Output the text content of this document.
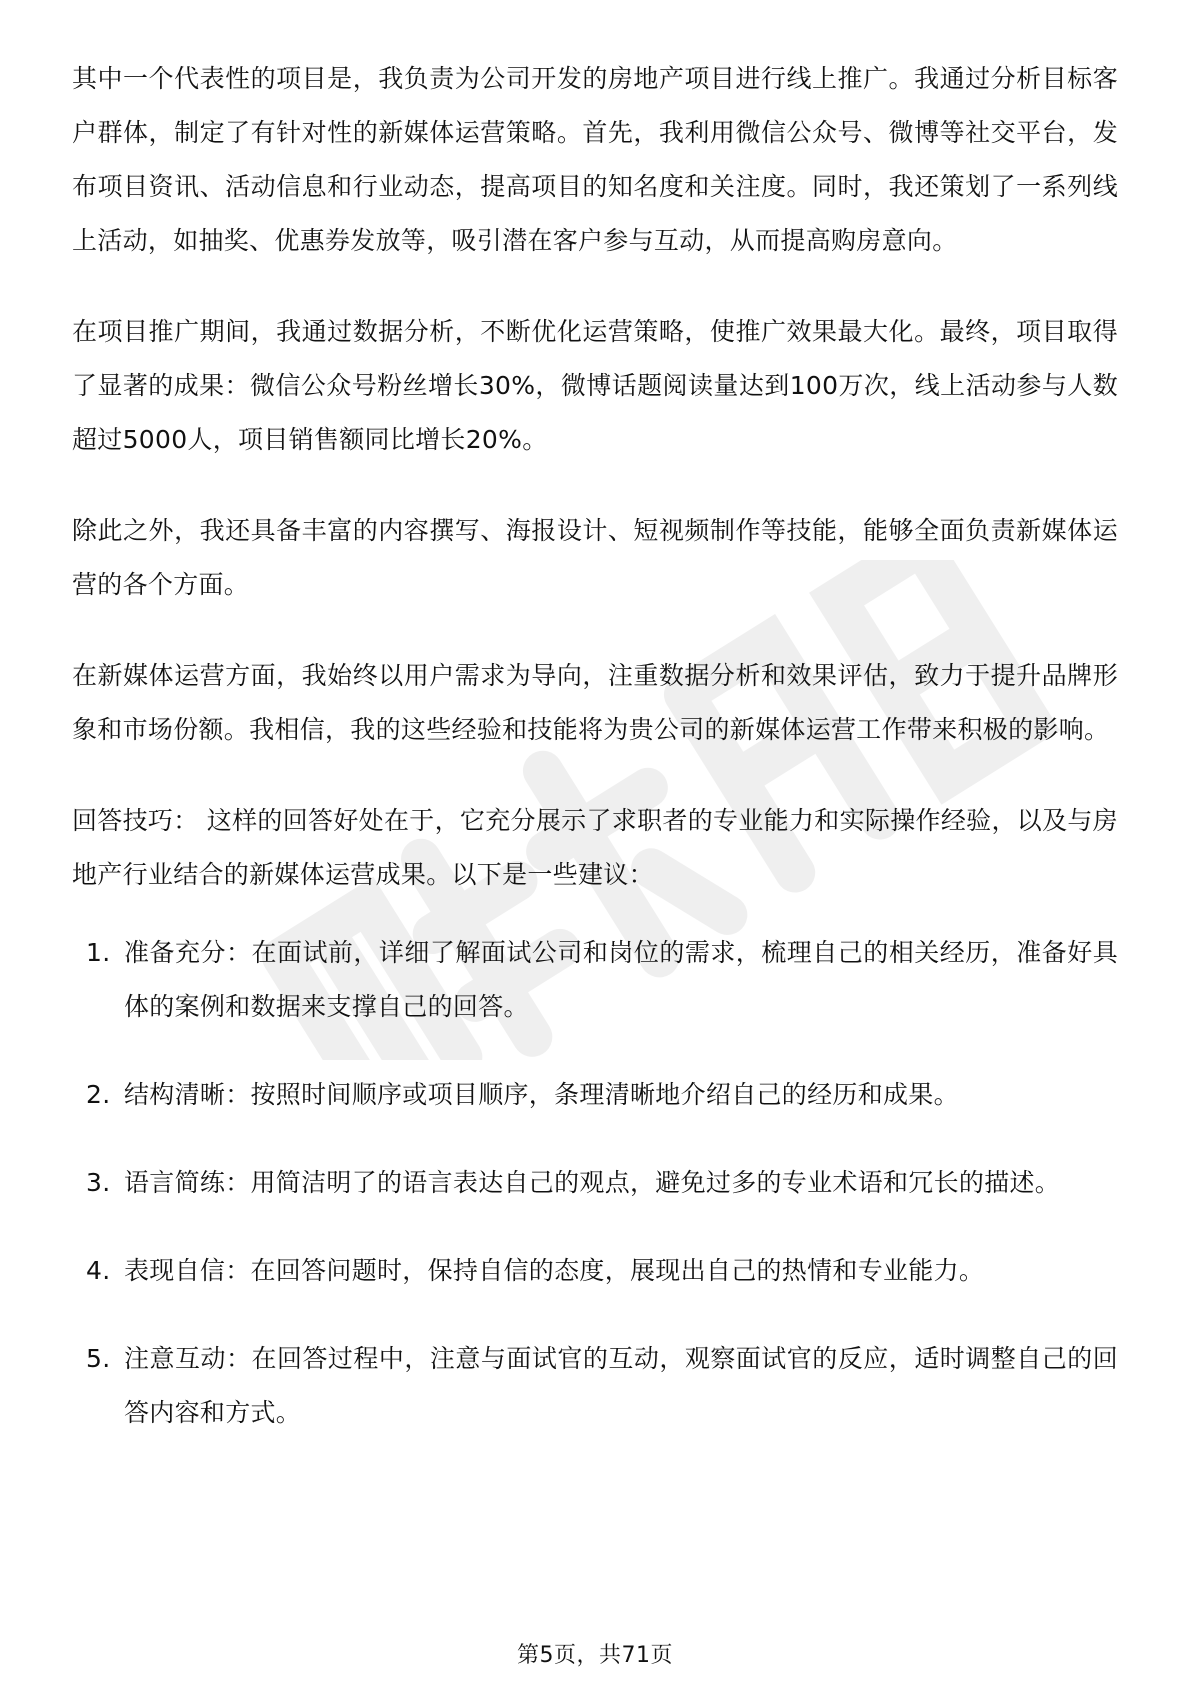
其中一个代表性的项目是，我负责为公司开发的房地产项目进行线上推广。我通过分析目标客户群体，制定了有针对性的新媒体运营策略。首先，我利用微信公众号、微博等社交平台，发布项目资讯、活动信息和行业动态，提高项目的知名度和关注度。同时，我还策划了一系列线上活动，如抽奖、优惠券发放等，吸引潜在客户参与互动，从而提高购房意向。

在项目推广期间，我通过数据分析，不断优化运营策略，使推广效果最大化。最终，项目取得了显著的成果：微信公众号粉丝增长30%，微博话题阅读量达到100万次，线上活动参与人数超过5000人，项目销售额同比增长20%。

除此之外，我还具备丰富的内容撰写、海报设计、短视频制作等技能，能够全面负责新媒体运营的各个方面。

在新媒体运营方面，我始终以用户需求为导向，注重数据分析和效果评估，致力于提升品牌形象和市场份额。我相信，我的这些经验和技能将为贵公司的新媒体运营工作带来积极的影响。

回答技巧： 这样的回答好处在于，它充分展示了求职者的专业能力和实际操作经验，以及与房地产行业结合的新媒体运营成果。以下是一些建议：

1. 准备充分：在面试前，详细了解面试公司和岗位的需求，梳理自己的相关经历，准备好具体的案例和数据来支撑自己的回答。
2. 结构清晰：按照时间顺序或项目顺序，条理清晰地介绍自己的经历和成果。
3. 语言简练：用简洁明了的语言表达自己的观点，避免过多的专业术语和冗长的描述。
4. 表现自信：在回答问题时，保持自信的态度，展现出自己的热情和专业能力。
5. 注意互动：在回答过程中，注意与面试官的互动，观察面试官的反应，适时调整自己的回答内容和方式。
第5页，共71页
